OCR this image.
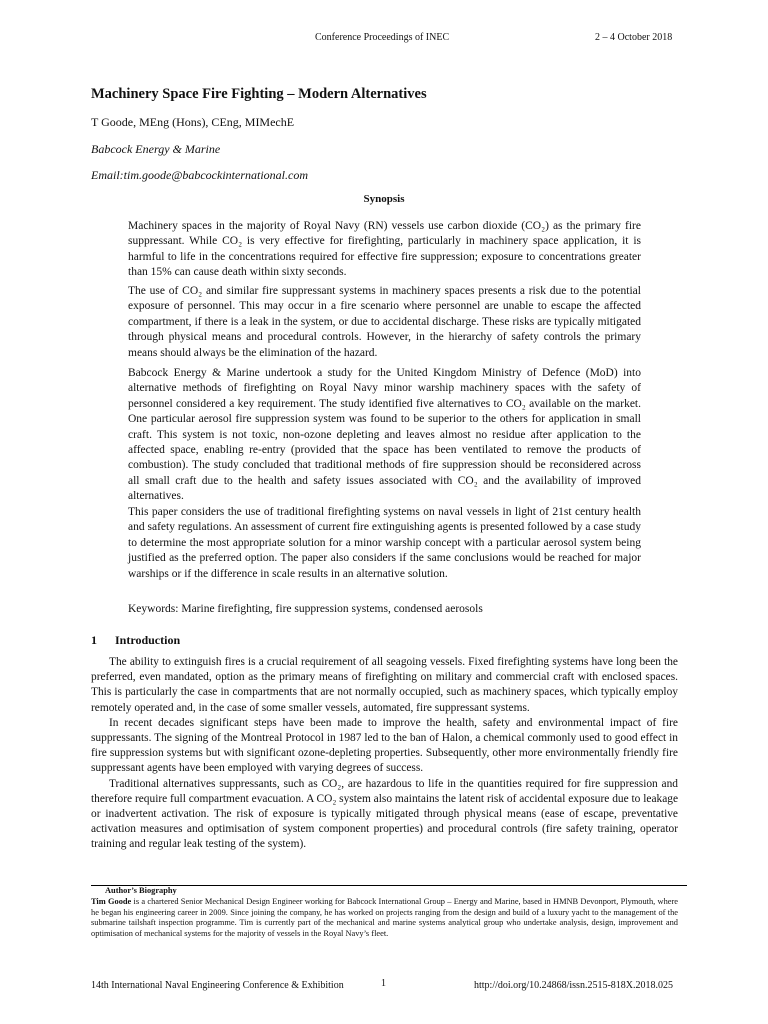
Conference Proceedings of INEC	2 – 4 October 2018
Machinery Space Fire Fighting – Modern Alternatives
T Goode, MEng (Hons), CEng, MIMechE
Babcock Energy & Marine
Email:tim.goode@babcockinternational.com
Synopsis
Machinery spaces in the majority of Royal Navy (RN) vessels use carbon dioxide (CO₂) as the primary fire suppressant. While CO₂ is very effective for firefighting, particularly in machinery space application, it is harmful to life in the concentrations required for effective fire suppression; exposure to concentrations greater than 15% can cause death within sixty seconds.
The use of CO₂ and similar fire suppressant systems in machinery spaces presents a risk due to the potential exposure of personnel. This may occur in a fire scenario where personnel are unable to escape the affected compartment, if there is a leak in the system, or due to accidental discharge. These risks are typically mitigated through physical means and procedural controls. However, in the hierarchy of safety controls the primary means should always be the elimination of the hazard.
Babcock Energy & Marine undertook a study for the United Kingdom Ministry of Defence (MoD) into alternative methods of firefighting on Royal Navy minor warship machinery spaces with the safety of personnel considered a key requirement. The study identified five alternatives to CO₂ available on the market. One particular aerosol fire suppression system was found to be superior to the others for application in small craft. This system is not toxic, non-ozone depleting and leaves almost no residue after application to the affected space, enabling re-entry (provided that the space has been ventilated to remove the products of combustion). The study concluded that traditional methods of fire suppression should be reconsidered across all small craft due to the health and safety issues associated with CO₂ and the availability of improved alternatives.
This paper considers the use of traditional firefighting systems on naval vessels in light of 21st century health and safety regulations. An assessment of current fire extinguishing agents is presented followed by a case study to determine the most appropriate solution for a minor warship concept with a particular aerosol system being justified as the preferred option. The paper also considers if the same conclusions would be reached for major warships or if the difference in scale results in an alternative solution.
Keywords: Marine firefighting, fire suppression systems, condensed aerosols
1 Introduction

The ability to extinguish fires is a crucial requirement of all seagoing vessels. Fixed firefighting systems have long been the preferred, even mandated, option as the primary means of firefighting on military and commercial craft with enclosed spaces. This is particularly the case in compartments that are not normally occupied, such as machinery spaces, which typically employ remotely operated and, in the case of some smaller vessels, automated, fire suppressant systems.

In recent decades significant steps have been made to improve the health, safety and environmental impact of fire suppressants. The signing of the Montreal Protocol in 1987 led to the ban of Halon, a chemical commonly used to good effect in fire suppression systems but with significant ozone-depleting properties. Subsequently, other more environmentally friendly fire suppressant agents have been employed with varying degrees of success.

Traditional alternatives suppressants, such as CO₂, are hazardous to life in the quantities required for fire suppression and therefore require full compartment evacuation. A CO₂ system also maintains the latent risk of accidental exposure due to leakage or inadvertent activation. The risk of exposure is typically mitigated through physical means (ease of escape, preventative activation measures and optimisation of system component properties) and procedural controls (fire safety training, operator training and regular leak testing of the system).

Author’s Biography
Tim Goode is a chartered Senior Mechanical Design Engineer working for Babcock International Group – Energy and Marine, based in HMNB Devonport, Plymouth, where he began his engineering career in 2009. Since joining the company, he has worked on projects ranging from the design and build of a luxury yacht to the management of the submarine tailshaft inspection programme. Tim is currently part of the mechanical and marine systems analytical group who undertake analysis, design, improvement and optimisation of mechanical systems for the majority of vessels in the Royal Navy’s fleet.
14th International Naval Engineering Conference & Exhibition	1	http://doi.org/10.24868/issn.2515-818X.2018.025
